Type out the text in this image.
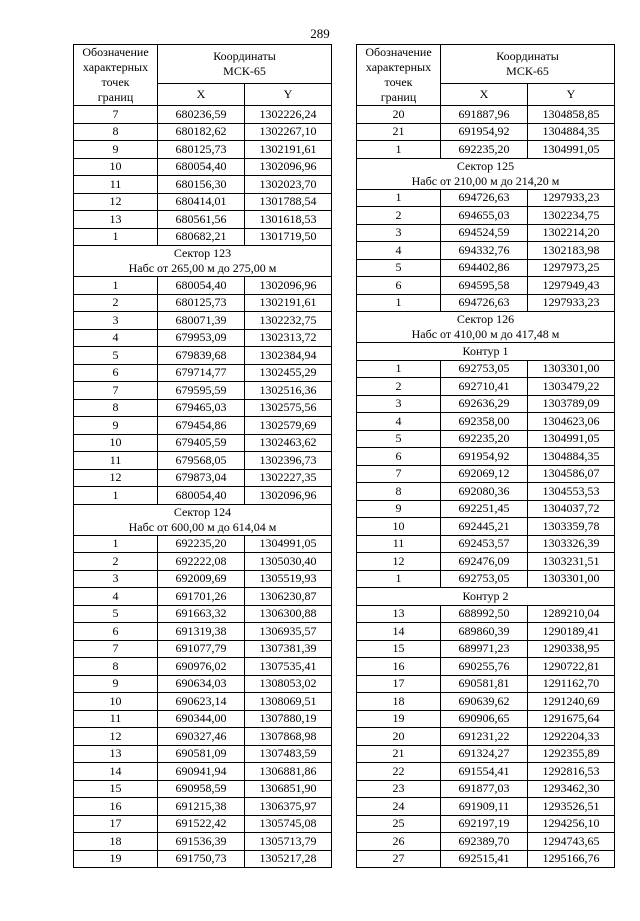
289
Обозначение
характерных
точек
границ	Координаты
МСК-65	
	X	Y
7	680236,59	1302226,24
8	680182,62	1302267,10
9	680125,73	1302191,61
10	680054,40	1302096,96
11	680156,30	1302023,70
12	680414,01	1301788,54
13	680561,56	1301618,53
1	680682,21	1301719,50
Сектор 123
Hабс от 265,00 м до 275,00 м		
1	680054,40	1302096,96
2	680125,73	1302191,61
3	680071,39	1302232,75
4	679953,09	1302313,72
5	679839,68	1302384,94
6	679714,77	1302455,29
7	679595,59	1302516,36
8	679465,03	1302575,56
9	679454,86	1302579,69
10	679405,59	1302463,62
11	679568,05	1302396,73
12	679873,04	1302227,35
1	680054,40	1302096,96
Сектор 124
Hабс от 600,00 м до 614,04 м		
1	692235,20	1304991,05
2	692222,08	1305030,40
3	692009,69	1305519,93
4	691701,26	1306230,87
5	691663,32	1306300,88
6	691319,38	1306935,57
7	691077,79	1307381,39
8	690976,02	1307535,41
9	690634,03	1308053,02
10	690623,14	1308069,51
11	690344,00	1307880,19
12	690327,46	1307868,98
13	690581,09	1307483,59
14	690941,94	1306881,86
15	690958,59	1306851,90
16	691215,38	1306375,97
17	691522,42	1305745,08
18	691536,39	1305713,79
19	691750,73	1305217,28
Обозначение
характерных
точек
границ	Координаты
МСК-65	
	X	Y
20	691887,96	1304858,85
21	691954,92	1304884,35
1	692235,20	1304991,05
Сектор 125
Hабс от 210,00 м до 214,20 м		
1	694726,63	1297933,23
2	694655,03	1302234,75
3	694524,59	1302214,20
4	694332,76	1302183,98
5	694402,86	1297973,25
6	694595,58	1297949,43
1	694726,63	1297933,23
Сектор 126
Hабс от 410,00 м до 417,48 м		
Контур 1		
1	692753,05	1303301,00
2	692710,41	1303479,22
3	692636,29	1303789,09
4	692358,00	1304623,06
5	692235,20	1304991,05
6	691954,92	1304884,35
7	692069,12	1304586,07
8	692080,36	1304553,53
9	692251,45	1304037,72
10	692445,21	1303359,78
11	692453,57	1303326,39
12	692476,09	1303231,51
1	692753,05	1303301,00
Контур 2		
13	688992,50	1289210,04
14	689860,39	1290189,41
15	689971,23	1290338,95
16	690255,76	1290722,81
17	690581,81	1291162,70
18	690639,62	1291240,69
19	690906,65	1291675,64
20	691231,22	1292204,33
21	691324,27	1292355,89
22	691554,41	1292816,53
23	691877,03	1293462,30
24	691909,11	1293526,51
25	692197,19	1294256,10
26	692389,70	1294743,65
27	692515,41	1295166,76
